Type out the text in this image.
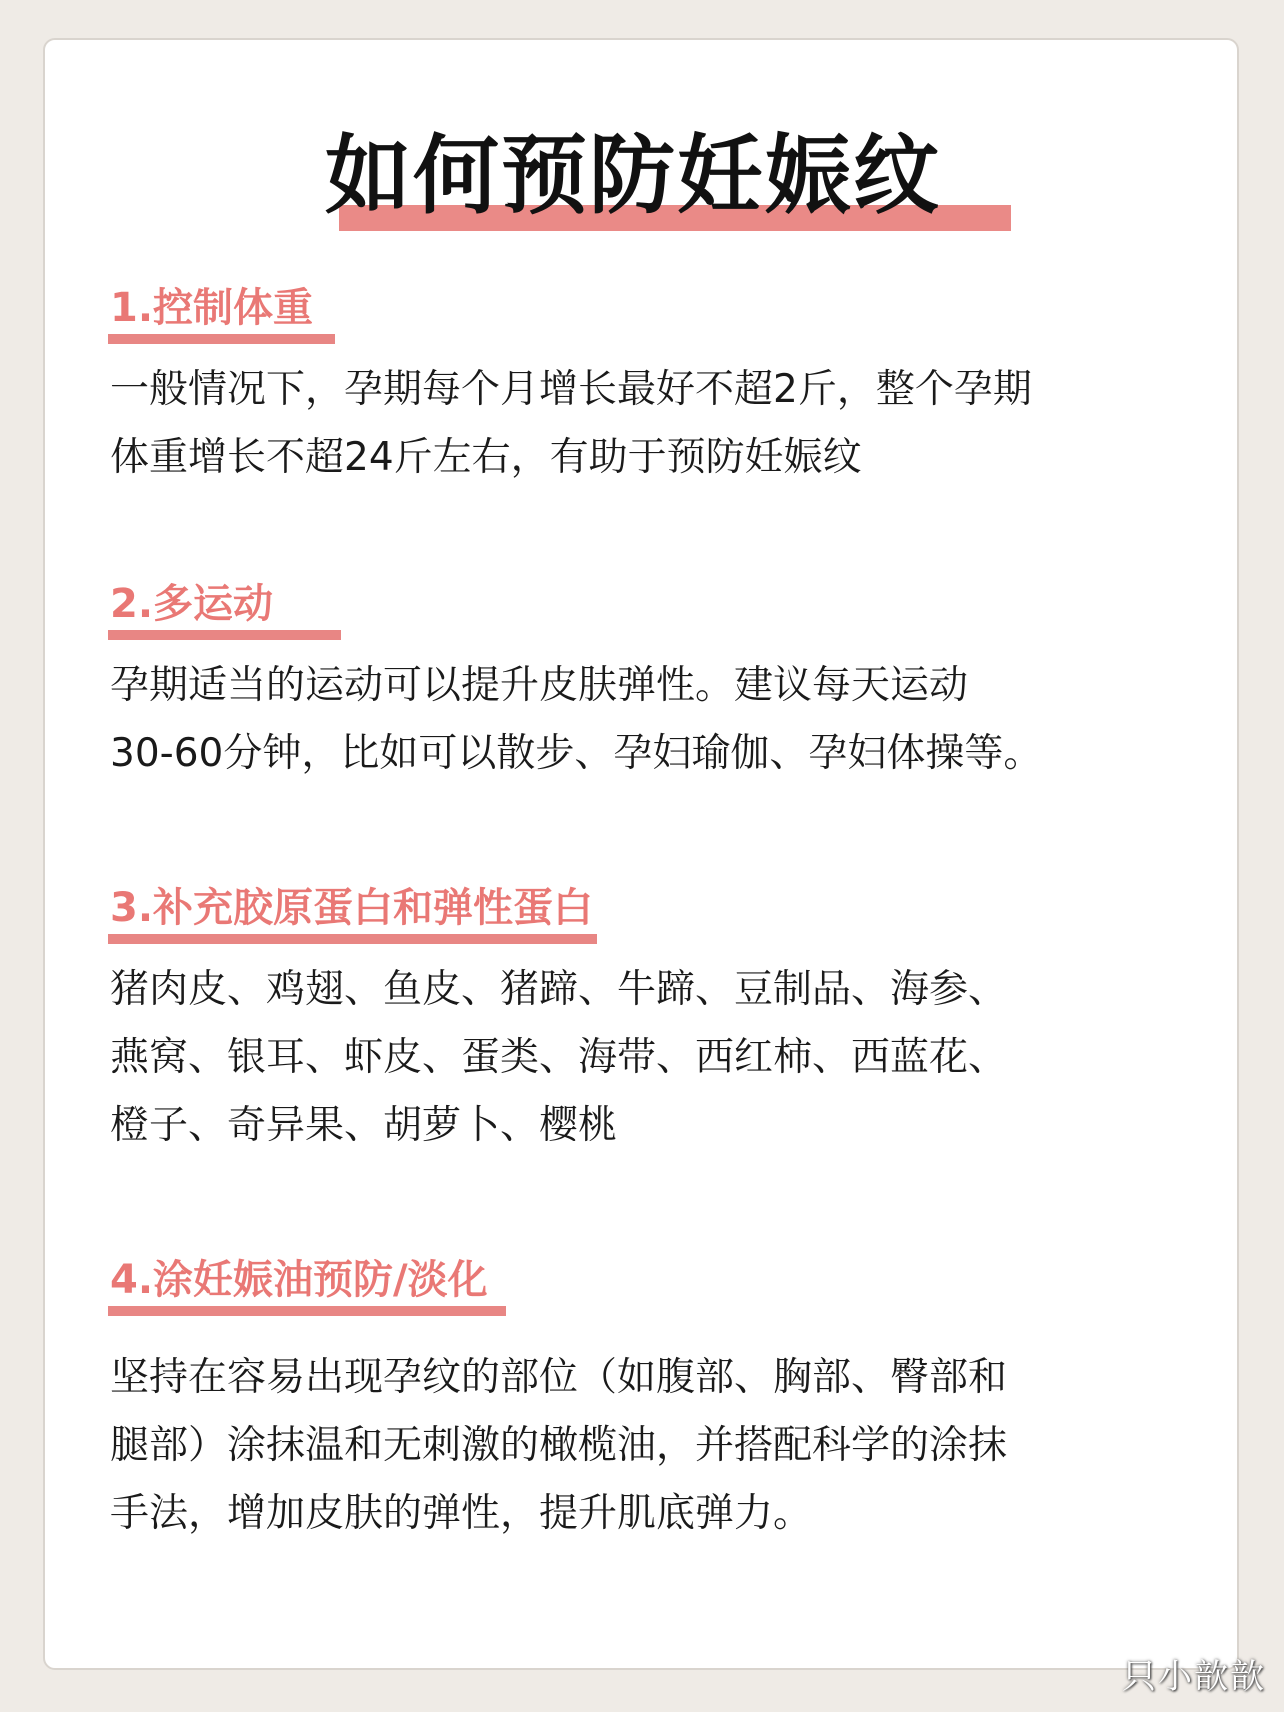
如何预防妊娠纹
1.控制体重
一般情况下，孕期每个月增长最好不超2斤，整个孕期
体重增长不超24斤左右，有助于预防妊娠纹
2.多运动
孕期适当的运动可以提升皮肤弹性。建议每天运动
30-60分钟，比如可以散步、孕妇瑜伽、孕妇体操等。
3.补充胶原蛋白和弹性蛋白
猪肉皮、鸡翅、鱼皮、猪蹄、牛蹄、豆制品、海参、
燕窝、银耳、虾皮、蛋类、海带、西红柿、西蓝花、
橙子、奇异果、胡萝卜、樱桃
4.涂妊娠油预防/淡化
坚持在容易出现孕纹的部位（如腹部、胸部、臀部和
腿部）涂抹温和无刺激的橄榄油，并搭配科学的涂抹
手法，增加皮肤的弹性，提升肌底弹力。
只小歆歆
